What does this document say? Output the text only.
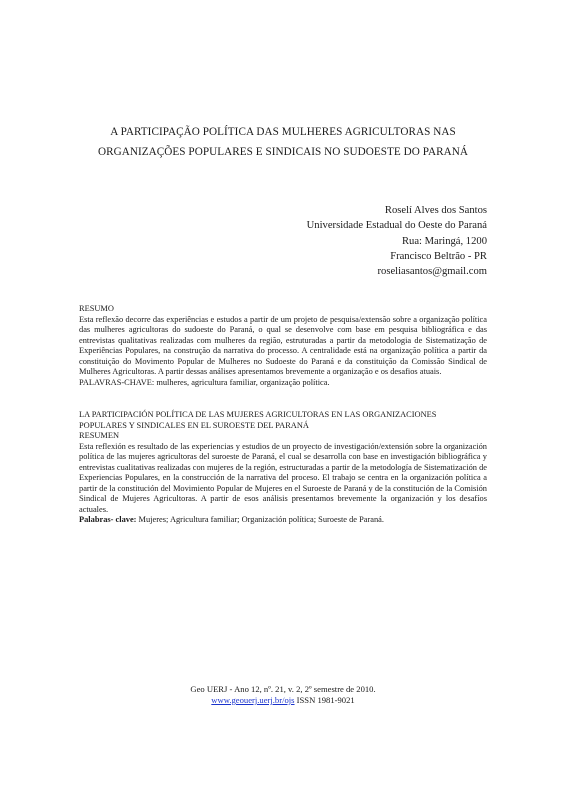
A PARTICIPAÇÃO POLÍTICA DAS MULHERES AGRICULTORAS NAS
ORGANIZAÇÕES POPULARES E SINDICAIS NO SUDOESTE DO PARANÁ
Roselí Alves dos Santos
Universidade Estadual do Oeste do Paraná
Rua: Maringá, 1200
Francisco Beltrão - PR
roseliasantos@gmail.com

RESUMO

Esta reflexão decorre das experiências e estudos a partir de um projeto de pesquisa/extensão sobre a organização política das mulheres agricultoras do sudoeste do Paraná, o qual se desenvolve com base em pesquisa bibliográfica e das entrevistas qualitativas realizadas com mulheres da região, estruturadas a partir da metodologia de Sistematização de Experiências Populares, na construção da narrativa do processo. A centralidade está na organização política a partir da constituição do Movimento Popular de Mulheres no Sudoeste do Paraná e da constituição da Comissão Sindical de Mulheres Agricultoras. A partir dessas análises apresentamos brevemente a organização e os desafios atuais.

PALAVRAS-CHAVE: mulheres, agricultura familiar, organização política.

LA PARTICIPACIÓN POLÍTICA DE LAS MUJERES AGRICULTORAS EN LAS ORGANIZACIONES

POPULARES Y SINDICALES EN EL SUROESTE DEL PARANÁ

RESUMEN

Esta reflexión es resultado de las experiencias y estudios de un proyecto de investigación/extensión sobre la organización política de las mujeres agricultoras del suroeste de Paraná, el cual se desarrolla con base en investigación bibliográfica y entrevistas cualitativas realizadas con mujeres de la región, estructuradas a partir de la metodología de Sistematización de Experiencias Populares, en la construcción de la narrativa del proceso. El trabajo se centra en la organización política a partir de la constitución del Movimiento Popular de Mujeres en el Suroeste de Paraná y de la constitución de la Comisión Sindical de Mujeres Agricultoras. A partir de esos análisis presentamos brevemente la organización y los desafíos actuales.

Palabras- clave: Mujeres; Agricultura familiar; Organización política; Suroeste de Paraná.

Geo UERJ - Ano 12, nº. 21, v. 2, 2º semestre de 2010.
www.geouerj.uerj.br/ojs ISSN 1981-9021
